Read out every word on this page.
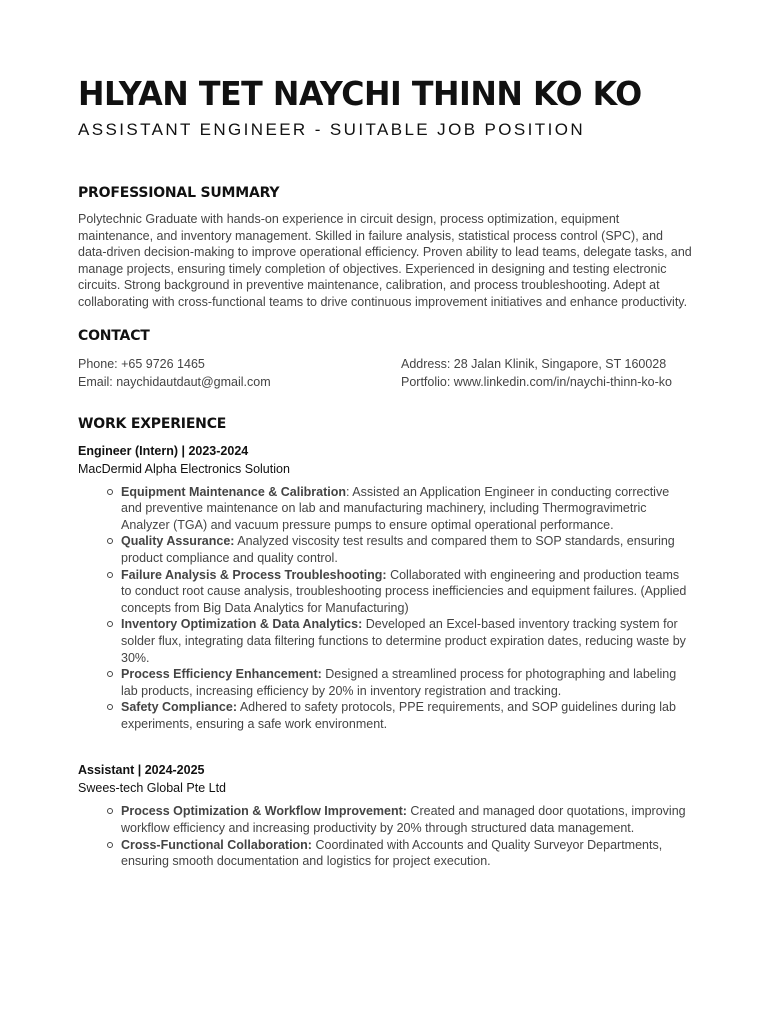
HLYAN TET NAYCHI THINN KO KO
ASSISTANT ENGINEER - SUITABLE JOB POSITION
PROFESSIONAL SUMMARY

Polytechnic Graduate with hands-on experience in circuit design, process optimization, equipment maintenance, and inventory management. Skilled in failure analysis, statistical process control (SPC), and data-driven decision-making to improve operational efficiency. Proven ability to lead teams, delegate tasks, and manage projects, ensuring timely completion of objectives. Experienced in designing and testing electronic circuits. Strong background in preventive maintenance, calibration, and process troubleshooting. Adept at collaborating with cross-functional teams to drive continuous improvement initiatives and enhance productivity.

CONTACT
Phone: +65 9726 1465	Address: 28 Jalan Klinik, Singapore, ST 160028
Email: naychidautdaut@gmail.com	Portfolio: www.linkedin.com/in/naychi-thinn-ko-ko
WORK EXPERIENCE
Engineer (Intern) | 2023-2024
MacDermid Alpha Electronics Solution
Equipment Maintenance & Calibration: Assisted an Application Engineer in conducting corrective and preventive maintenance on lab and manufacturing machinery, including Thermogravimetric Analyzer (TGA) and vacuum pressure pumps to ensure optimal operational performance.
Quality Assurance: Analyzed viscosity test results and compared them to SOP standards, ensuring product compliance and quality control.
Failure Analysis & Process Troubleshooting: Collaborated with engineering and production teams to conduct root cause analysis, troubleshooting process inefficiencies and equipment failures. (Applied concepts from Big Data Analytics for Manufacturing)
Inventory Optimization & Data Analytics: Developed an Excel-based inventory tracking system for solder flux, integrating data filtering functions to determine product expiration dates, reducing waste by 30%.
Process Efficiency Enhancement: Designed a streamlined process for photographing and labeling lab products, increasing efficiency by 20% in inventory registration and tracking.
Safety Compliance: Adhered to safety protocols, PPE requirements, and SOP guidelines during lab experiments, ensuring a safe work environment.
Assistant | 2024-2025
Swees-tech Global Pte Ltd
Process Optimization & Workflow Improvement: Created and managed door quotations, improving workflow efficiency and increasing productivity by 20% through structured data management.
Cross-Functional Collaboration: Coordinated with Accounts and Quality Surveyor Departments, ensuring smooth documentation and logistics for project execution.
